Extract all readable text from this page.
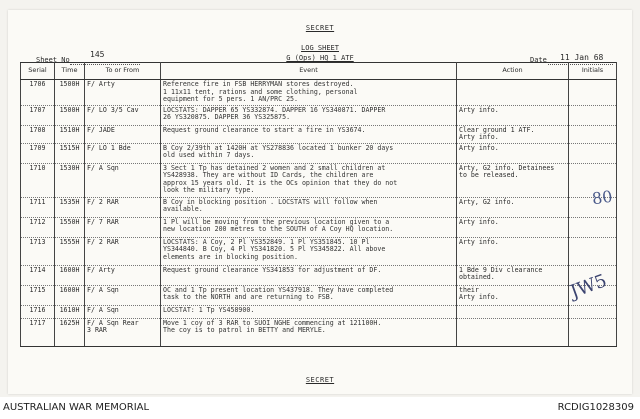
SECRET
LOG SHEET
G (Ops) HQ 1 ATF
Sheet No
145
Date 11 Jan 68
SECRET
Serial	Time	To or From	Event	Action	Initials
1706	1500H	F/ Arty	Reference fire in FSB HERRYMAN stores destroyed.
1 11x11 tent, rations and some clothing, personal
equipment for 5 pers. 1 AN/PRC 25.		
1707	1500H	F/ LO 3/5 Cav	LOCSTATS: DAPPER 65 YS332874. DAPPER 16 YS340871. DAPPER
26 YS320875. DAPPER 36 YS325875.	Arty info.	
1708	1510H	F/ JADE	Request ground clearance to start a fire in YS3674.	Clear ground 1 ATF.
Arty info.	
1709	1515H	F/ LO 1 Bde	B Coy 2/39th at 1420H at YS278836 located 1 bunker 20 days
old used within 7 days.	Arty info.	
1710	1530H	F/ A Sqn	3 Sect 1 Tp has detained 2 women and 2 small children at
YS428938. They are without ID Cards, the children are
approx 15 years old. It is the OCs opinion that they do not
look the military type.	Arty, G2 info. Detainees
to be released.	
1711	1535H	F/ 2 RAR	B Coy in blocking position . LOCSTATS will follow when
available.	Arty, G2 info.	
1712	1550H	F/ 7 RAR	1 Pl will be moving from the previous location given to a
new location 200 metres to the SOUTH of A Coy HQ location.	Arty info.	
1713	1555H	F/ 2 RAR	LOCSTATS: A Coy, 2 Pl YS352849. 1 Pl YS351845. 10 Pl
YS344840. B Coy, 4 Pl YS341820. 5 Pl YS345822. All above
elements are in blocking position.	Arty info.	
1714	1600H	F/ Arty	Request ground clearance YS341853 for adjustment of DF.	1 Bde 9 Div clearance
obtained.	
1715	1600H	F/ A Sqn	OC and 1 Tp present location YS437918. They have completed
task to the NORTH and are returning to FSB.	their
Arty info.	
1716	1610H	F/ A Sqn	LOCSTAT: 1 Tp YS458900.		
1717	1625H	F/ A Sqn Rear
3 RAR	Move 1 coy of 3 RAR to SUOI NGHE commencing at 121100H.
The coy is to patrol in BETTY and MERYLE.		
80
JW5
AUSTRALIAN WAR MEMORIAL	RCDIG1028309
